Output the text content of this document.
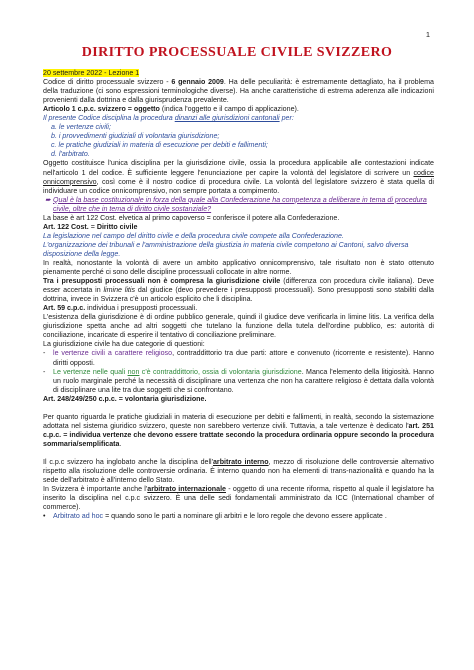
1
DIRITTO PROCESSUALE CIVILE SVIZZERO

20 settembre 2022 - Lezione 1

Codice di diritto processuale svizzero - 6 gennaio 2009. Ha delle peculiarità: è estremamente dettagliato, ha il problema della traduzione (ci sono espressioni terminologiche diverse). Ha anche caratteristiche di estrema aderenza alle indicazioni provenienti dalla dottrina e dalla giurisprudenza prevalente.

Articolo 1 c.p.c. svizzero = oggetto (indica l'oggetto e il campo di applicazione).

Il presente Codice disciplina la procedura dinanzi alle giurisdizioni cantonali per:

a. le vertenze civili;

b. i provvedimenti giudiziali di volontaria giurisdizione;

c. le pratiche giudiziali in materia di esecuzione per debiti e fallimenti;

d. l'arbitrato.

Oggetto costituisce l'unica disciplina per la giurisdizione civile, ossia la procedura applicabile alle contestazioni indicate nell'articolo 1 del codice. È sufficiente leggere l'enunciazione per capire la volontà del legislatore di scrivere un codice onnicomprensivo, così come è il nostro codice di procedura civile. La volontà del legislatore svizzero è stata quella di individuare un codice onnicomprensivo, non sempre portata a compimento.

➨ Qual è la base costituzionale in forza della quale alla Confederazione ha competenza a deliberare in tema di procedura civile, oltre che in tema di diritto civile sostanziale?

La base è art 122 Cost. elvetica al primo capoverso = conferisce il potere alla Confederazione.

Art. 122 Cost. = Diritto civile

La legislazione nel campo del diritto civile e della procedura civile compete alla Confederazione.

L'organizzazione dei tribunali e l'amministrazione della giustizia in materia civile competono ai Cantoni, salvo diversa disposizione della legge.

In realtà, nonostante la volontà di avere un ambito applicativo onnicomprensivo, tale risultato non è stato ottenuto pienamente perché ci sono delle discipline processuali collocate in altre norme.

Tra i presupposti processuali non è compresa la giurisdizione civile (differenza con procedura civile italiana). Deve esser accertata in limine litis dal giudice (devo prevedere i presupposti processuali). Sono presupposti sono stabiliti dalla dottrina, invece in Svizzera c'è un articolo esplicito che li disciplina.

Art. 59 c.p.c. individua i presupposti processuali.

L'esistenza della giurisdizione è di ordine pubblico generale, quindi il giudice deve verificarla in limine litis. La verifica della giurisdizione spetta anche ad altri soggetti che tutelano la funzione della tutela dell'ordine pubblico, es: autorità di conciliazione, incaricate di esperire il tentativo di conciliazione preliminare.

La giurisdizione civile ha due categorie di questioni:

- le vertenze civili a carattere religioso, contraddittorio tra due parti: attore e convenuto (ricorrente e resistente). Hanno diritti opposti.

- Le vertenze nelle quali non c'è contraddittorio, ossia di volontaria giurisdizione. Manca l'elemento della litigiosità. Hanno un ruolo marginale perché la necessità di disciplinare una vertenza che non ha carattere religioso è dettata dalla volontà di disciplinare una lite tra due soggetti che si confrontano.

Art. 248/249/250 c.p.c. = volontaria giurisdizione.

Per quanto riguarda le pratiche giudiziali in materia di esecuzione per debiti e fallimenti, in realtà, secondo la sistemazione adottata nel sistema giuridico svizzero, queste non sarebbero vertenze civili. Tuttavia, a tale vertenze è dedicato l'art. 251 c.p.c. = individua vertenze che devono essere trattate secondo la procedura ordinaria oppure secondo la procedura sommaria/semplificata.

Il c.p.c svizzero ha inglobato anche la disciplina dell'arbitrato interno, mezzo di risoluzione delle controversie alternativo rispetto alla risoluzione delle controversie ordinaria. È interno quando non ha elementi di trans-nazionalità e quando ha la sede dell'arbitrato è all'interno dello Stato.

In Svizzera è importante anche l'arbitrato internazionale - oggetto di una recente riforma, rispetto al quale il legislatore ha inserito la disciplina nel c.p.c svizzero. È una delle sedi fondamentali amministrato da ICC (International chamber of commerce).

• Arbitrato ad hoc = quando sono le parti a nominare gli arbitri e le loro regole che devono essere applicate .
